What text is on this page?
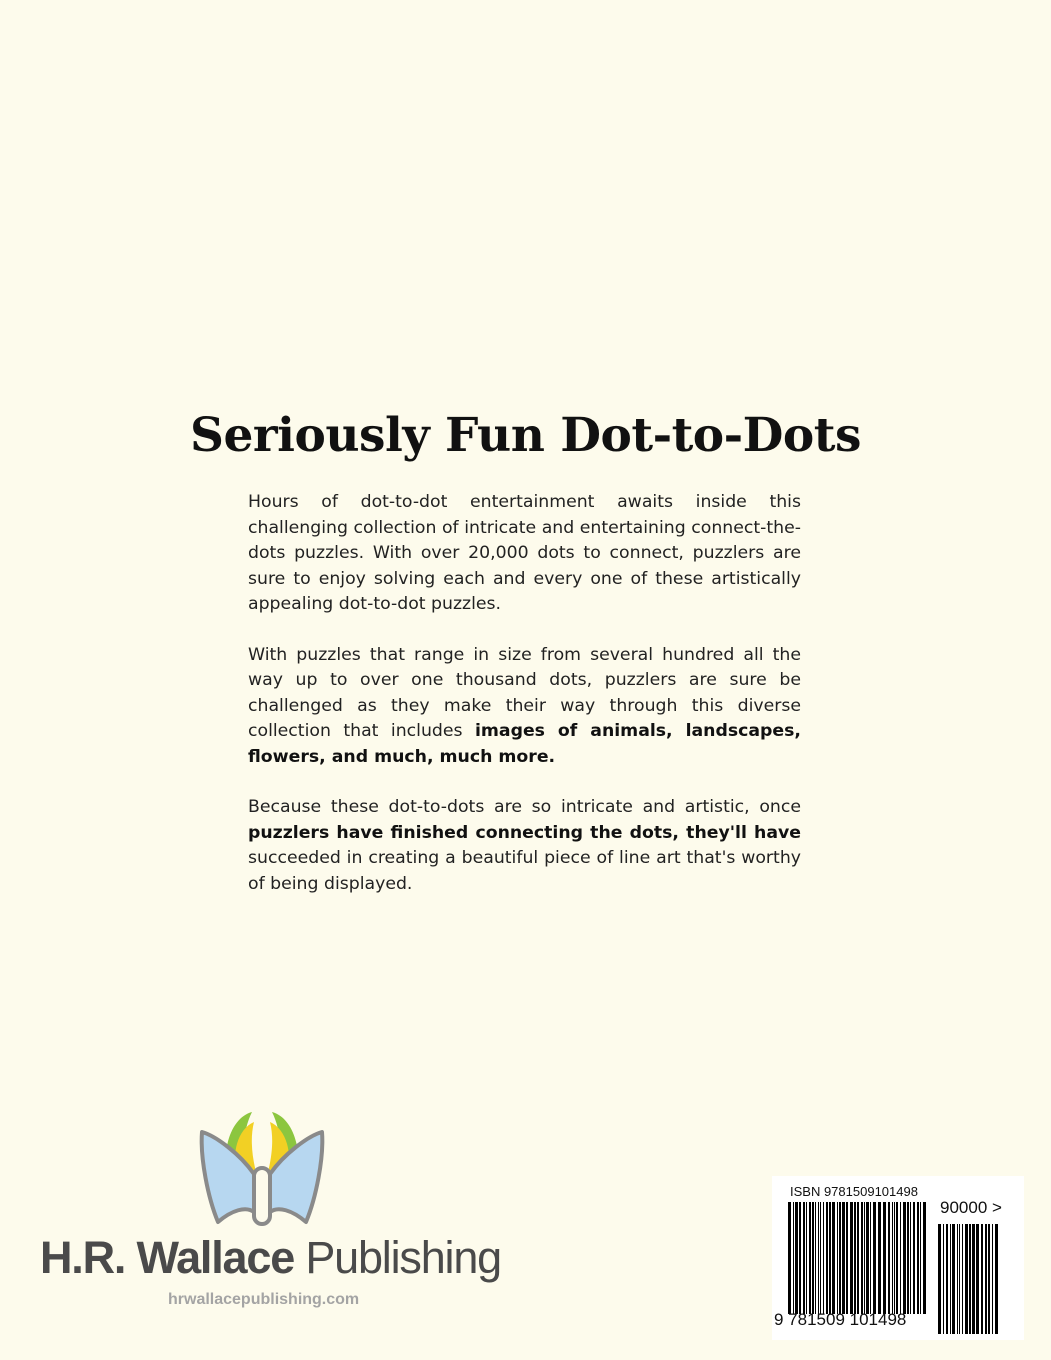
Seriously Fun Dot-to-Dots

Hours of dot-to-dot entertainment awaits inside this challenging collection of intricate and entertaining connect-the-dots puzzles. With over 20,000 dots to connect, puzzlers are sure to enjoy solving each and every one of these artistically appealing dot-to-dot puzzles.

With puzzles that range in size from several hundred all the way up to over one thousand dots, puzzlers are sure be challenged as they make their way through this diverse collection that includes images of animals, landscapes, flowers, and much, much more.

Because these dot-to-dots are so intricate and artistic, once puzzlers have finished connecting the dots, they'll have succeeded in creating a beautiful piece of line art that's worthy of being displayed.

H.R. Wallace Publishing
hrwallacepublishing.com
ISBN 9781509101498
90000 >
9 781509 101498
